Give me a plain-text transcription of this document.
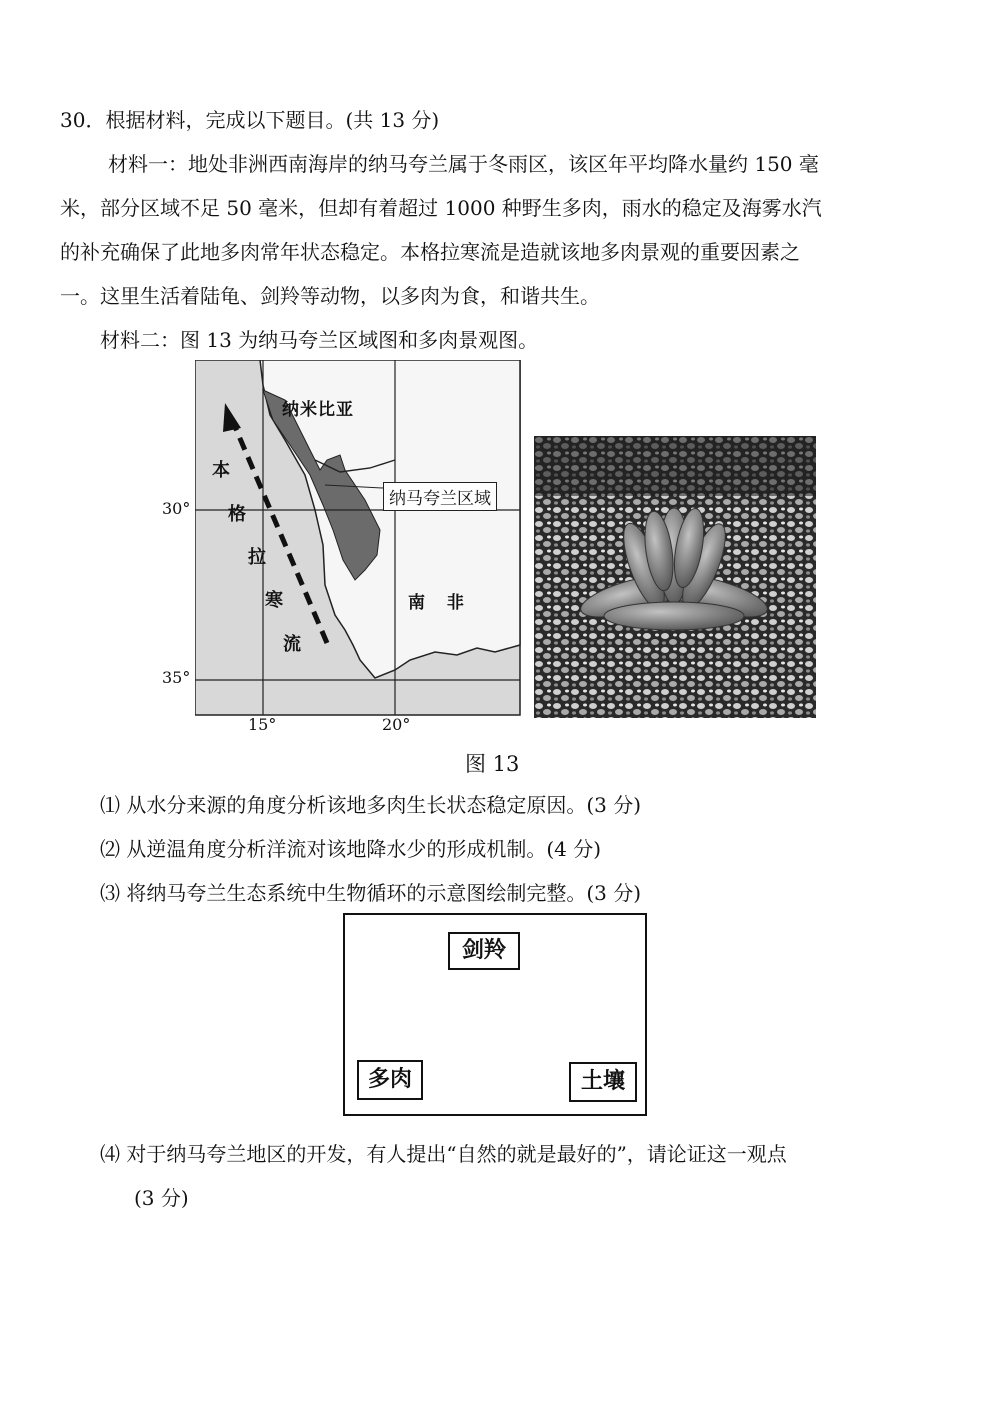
30．根据材料，完成以下题目。(共 13 分)
材料一：地处非洲西南海岸的纳马夸兰属于冬雨区，该区年平均降水量约 150 毫
米，部分区域不足 50 毫米，但却有着超过 1000 种野生多肉，雨水的稳定及海雾水汽
的补充确保了此地多肉常年状态稳定。本格拉寒流是造就该地多肉景观的重要因素之
一。这里生活着陆龟、剑羚等动物，以多肉为食，和谐共生。
材料二：图 13 为纳马夸兰区域图和多肉景观图。
纳米比亚
南 非
纳马夸兰区域
本
格
拉
寒
流
30°
35°
15°	20°
图 13
⑴ 从水分来源的角度分析该地多肉生长状态稳定原因。(3 分)
⑵ 从逆温角度分析洋流对该地降水少的形成机制。(4 分)
⑶ 将纳马夸兰生态系统中生物循环的示意图绘制完整。(3 分)
剑羚
多肉	土壤
⑷ 对于纳马夸兰地区的开发，有人提出“自然的就是最好的”，请论证这一观点
(3 分)
